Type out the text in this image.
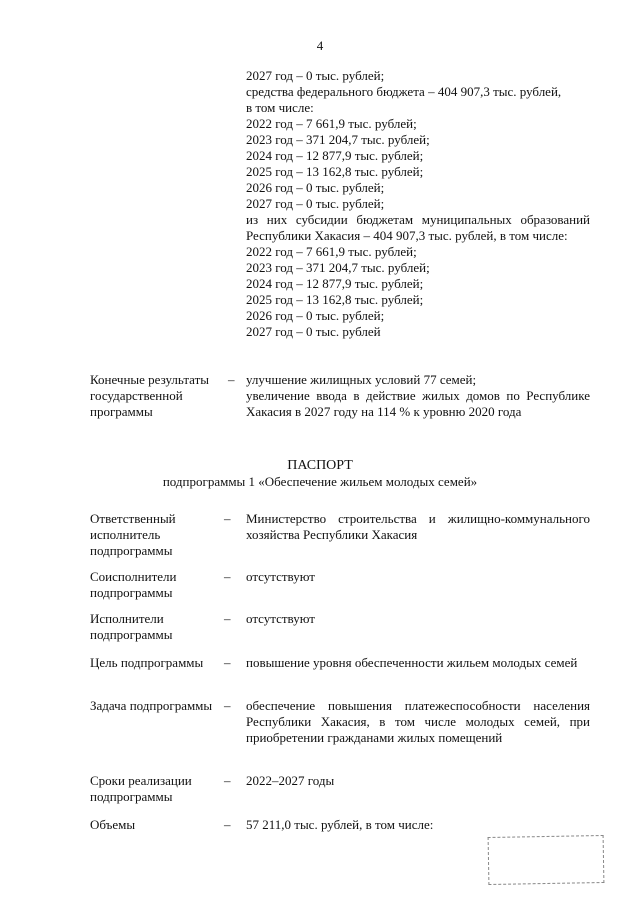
4
2027 год – 0 тыс. рублей;
средства федерального бюджета – 404 907,3 тыс. рублей,
в том числе:
2022 год – 7 661,9 тыс. рублей;
2023 год – 371 204,7 тыс. рублей;
2024 год – 12 877,9 тыс. рублей;
2025 год – 13 162,8 тыс. рублей;
2026 год – 0 тыс. рублей;
2027 год – 0 тыс. рублей;
из них субсидии бюджетам муниципальных образований Республики Хакасия – 404 907,3 тыс. рублей, в том числе:
2022 год – 7 661,9 тыс. рублей;
2023 год – 371 204,7 тыс. рублей;
2024 год – 12 877,9 тыс. рублей;
2025 год – 13 162,8 тыс. рублей;
2026 год – 0 тыс. рублей;
2027 год – 0 тыс. рублей
Конечные результаты государственной программы
– улучшение жилищных условий 77 семей;
увеличение ввода в действие жилых домов по Республике Хакасия в 2027 году на 114 % к уровню 2020 года
ПАСПОРТ
подпрограммы 1 «Обеспечение жильем молодых семей»
Ответственный исполнитель подпрограммы
–	Министерство строительства и жилищно-коммунального хозяйства Республики Хакасия
Соисполнители подпрограммы
–	отсутствуют
Исполнители подпрограммы
–	отсутствуют
Цель подпрограммы	–	повышение уровня обеспеченности жильем молодых семей
Задача подпрограммы –	обеспечение повышения платежеспособности населения Республики Хакасия, в том числе молодых семей, при приобретении гражданами жилых помещений
Сроки реализации подпрограммы
–	2022–2027 годы
Объемы	–	57 211,0 тыс. рублей, в том числе:
